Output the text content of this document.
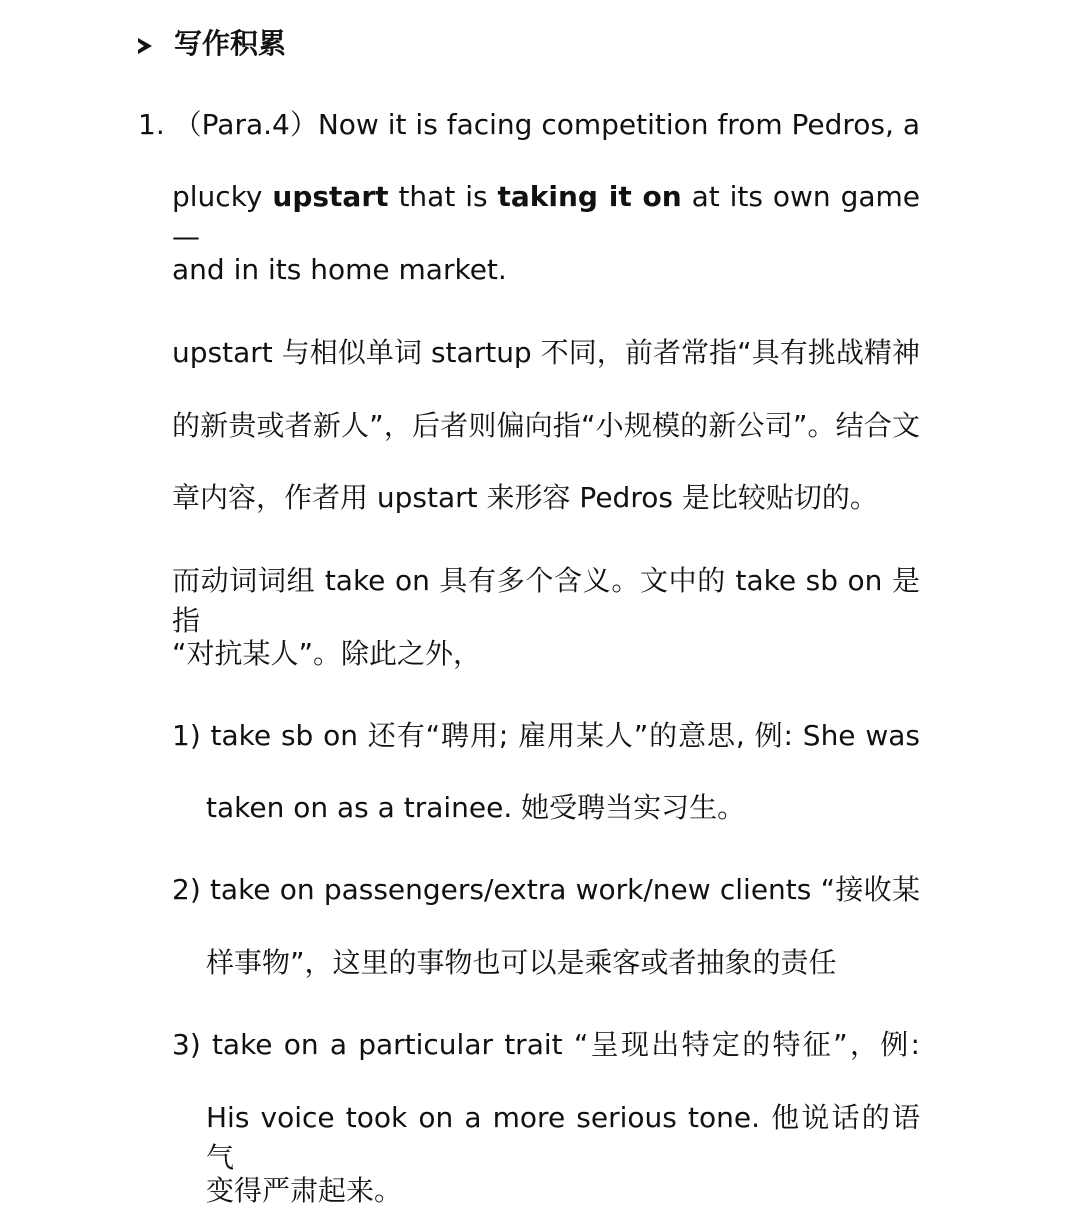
写作积累
1. （Para.4）Now it is facing competition from Pedros, a
plucky upstart that is taking it on at its own game—
and in its home market.
upstart 与相似单词 startup 不同，前者常指“具有挑战精神
的新贵或者新人”，后者则偏向指“小规模的新公司”。结合文
章内容，作者用 upstart 来形容 Pedros 是比较贴切的。
而动词词组 take on 具有多个含义。文中的 take sb on 是指
“对抗某人”。除此之外，
1) take sb on 还有“聘用; 雇用某人”的意思, 例: She was
taken on as a trainee. 她受聘当实习生。
2) take on passengers/extra work/new clients “接收某
样事物”，这里的事物也可以是乘客或者抽象的责任
3) take on a particular trait “呈现出特定的特征”，例:
His voice took on a more serious tone. 他说话的语气
变得严肃起来。
